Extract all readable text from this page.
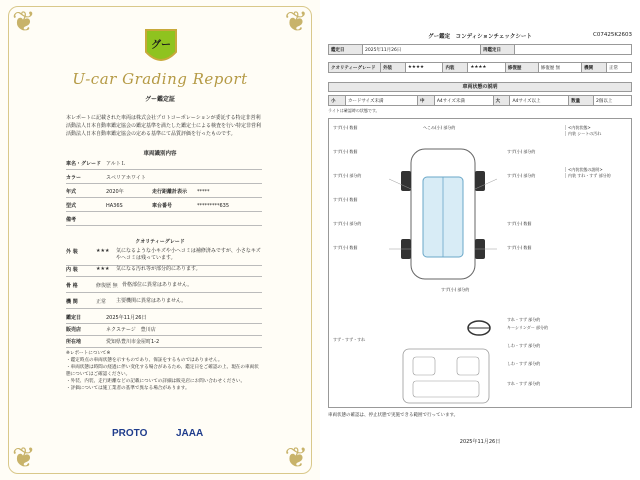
❦	❦
❦	❦
グー
U-car Grading Report
グー鑑定証
本レポートに記載された車両は株式会社プロトコーポレーションが委託する特定非営利活動法人日本自動車鑑定協会の鑑定基準を満たした鑑定士による検査を行い特定非営利活動法人日本自動車鑑定協会の定める基準にて品質評価を行ったものです。
車両識別内容
車名・グレード アルトＬ
カラー	スペリアホワイト
年式	2020年	走行距離計表示	*****
型式	HA36S	車台番号	*********635
備考
クオリティーグレード
外 装	★★★	気になるような小キズや小ヘコミは補修済みですが、小さなキズやヘコミは残っています。
内 装	★★★	気になる汚れ等が部分的にあります。
骨 格	修復歴 無 骨格部位に異常はありません。
機 関	正常	主要機関に異常はありません。
鑑定日	2025年11月26日
販売店	ネクステージ　豊川店
所在地	愛知県豊川市金屋町1-2
※レポートについて※
・鑑定時点の車両状態を示すものであり、保証をするものではありません。
・車両状態は時間の経過に伴い変化する場合があるため、鑑定日をご確認の上、現在の車両状態についてはご確認ください。
・外装、内装、走行距離などの記載についての詳細は販売店にお問い合わせください。
・評価については施工業者の基準で異なる場合があります。
PROTO	JAAA
グー鑑定　コンディションチェックシート	C07425K2603
鑑定日	2025年11月26日	再鑑定日	
クオリティーグレード	外装	★★★★	内装	★★★★	修復歴	修復歴 無	機関	正常
車両状態の説明
小	カードサイズ未満	中	A4サイズ未満	大	A4サイズ以上	数量	2個以上
ライトは確認時の状態です。
すず(小) 数個	へこみ(小) 部分的
すず(小) 数個
すず(小) 部分的
すず(小) 数個
すず(小) 部分的
すず(小) 数個
すず(小) 部分的
すず(小) 部分的
すず(小) 数個
すず(小) 数個
すず(小) 部分的
<内装状態>
内装 シートの汚れ
<内装状態の説明>
内装 すれ・すず 部分的
すず・すず・すれ
すれ・すず 部分的
キーシリンダー 部分的
しわ・すず 部分的
しわ・すず 部分的
すれ・すず 部分的
車両状態の確認は、停止状態で実施できる範囲で行っています。
2025年11月26日
